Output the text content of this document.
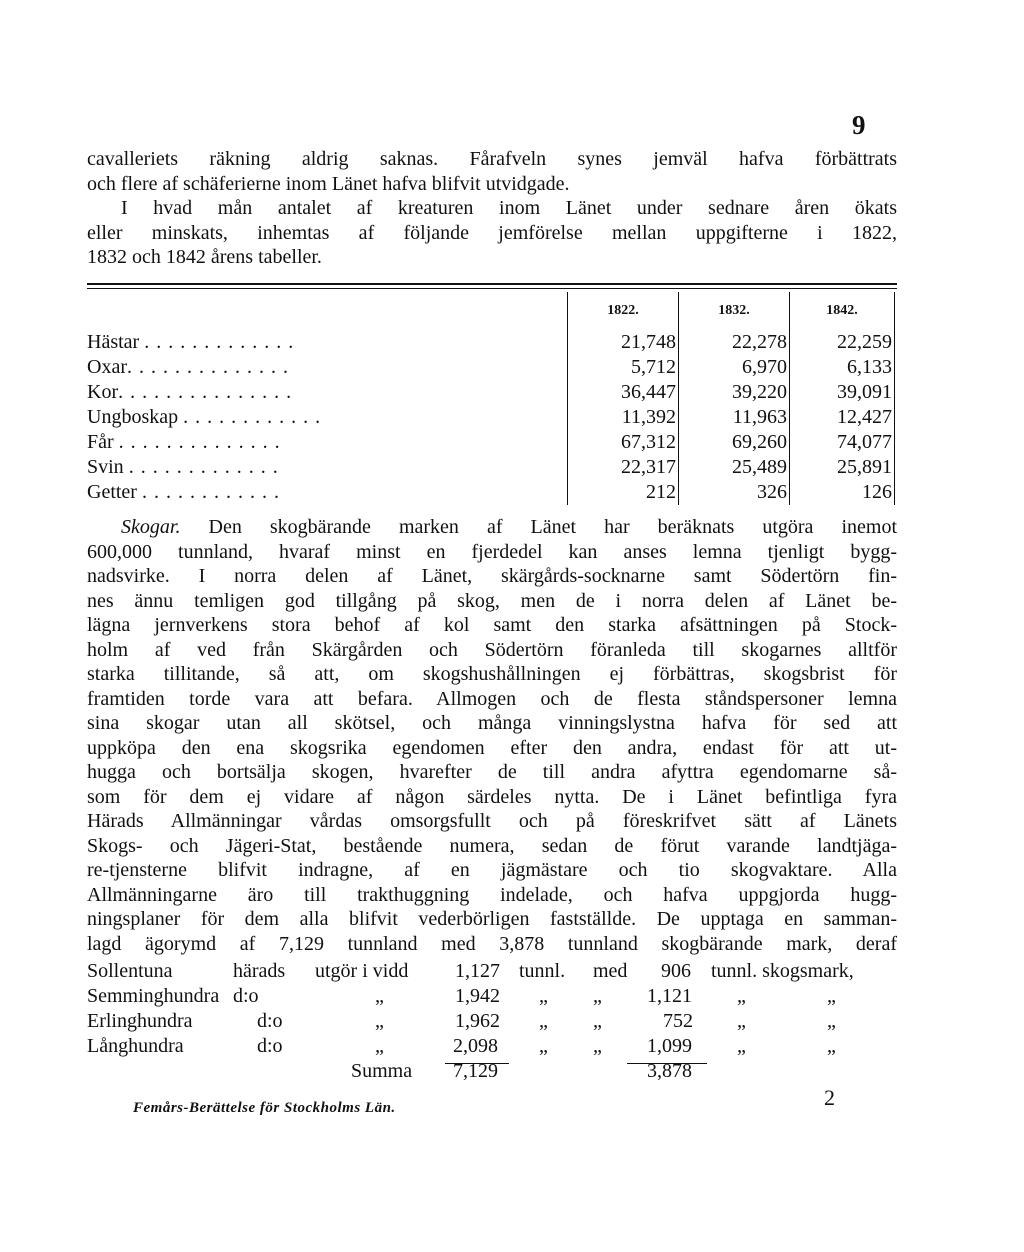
9
cavalleriets räkning aldrig saknas. Fårafveln synes jemväl hafva förbättrats
och flere af schäferierne inom Länet hafva blifvit utvidgade.
I hvad mån antalet af kreaturen inom Länet under sednare åren ökats
eller minskats, inhemtas af följande jemförelse mellan uppgifterne i 1822,
1832 och 1842 årens tabeller.
	1822.	1832.	1842.
Hästar .............	21,748	22,278	22,259
Oxar..............	5,712	6,970	6,133
Kor...............	36,447	39,220	39,091
Ungboskap ............	11,392	11,963	12,427
Får ..............	67,312	69,260	74,077
Svin .............	22,317	25,489	25,891
Getter ............	212	326	126
Skogar. Den skogbärande marken af Länet har beräknats utgöra inemot
600,000 tunnland, hvaraf minst en fjerdedel kan anses lemna tjenligt bygg-
nadsvirke. I norra delen af Länet, skärgårds-socknarne samt Södertörn fin-
nes ännu temligen god tillgång på skog, men de i norra delen af Länet be-
lägna jernverkens stora behof af kol samt den starka afsättningen på Stock-
holm af ved från Skärgården och Södertörn föranleda till skogarnes alltför
starka tillitande, så att, om skogshushållningen ej förbättras, skogsbrist för
framtiden torde vara att befara. Allmogen och de flesta ståndspersoner lemna
sina skogar utan all skötsel, och många vinningslystna hafva för sed att
uppköpa den ena skogsrika egendomen efter den andra, endast för att ut-
hugga och bortsälja skogen, hvarefter de till andra afyttra egendomarne så-
som för dem ej vidare af någon särdeles nytta. De i Länet befintliga fyra
Härads Allmänningar vårdas omsorgsfullt och på föreskrifvet sätt af Länets
Skogs- och Jägeri-Stat, bestående numera, sedan de förut varande landtjäga-
re-tjensterne blifvit indragne, af en jägmästare och tio skogvaktare. Alla
Allmänningarne äro till trakthuggning indelade, och hafva uppgjorda hugg-
ningsplaner för dem alla blifvit vederbörligen fastställde. De upptaga en samman-
lagd ägorymd af 7,129 tunnland med 3,878 tunnland skogbärande mark, deraf
Sollentuna	härads utgör i vidd 1,127 tunnl. med 906 tunnl. skogsmark,
Semminghundra d:o	„	1,942 „ „ 1,121 „	„
Erlinghundra	d:o	„	1,962 „ „	752 „	„
Långhundra	d:o	„	2,098 „ „ 1,099 „	„
Summa 7,129	3,878
Femårs-Berättelse för Stockholms Län.	2
